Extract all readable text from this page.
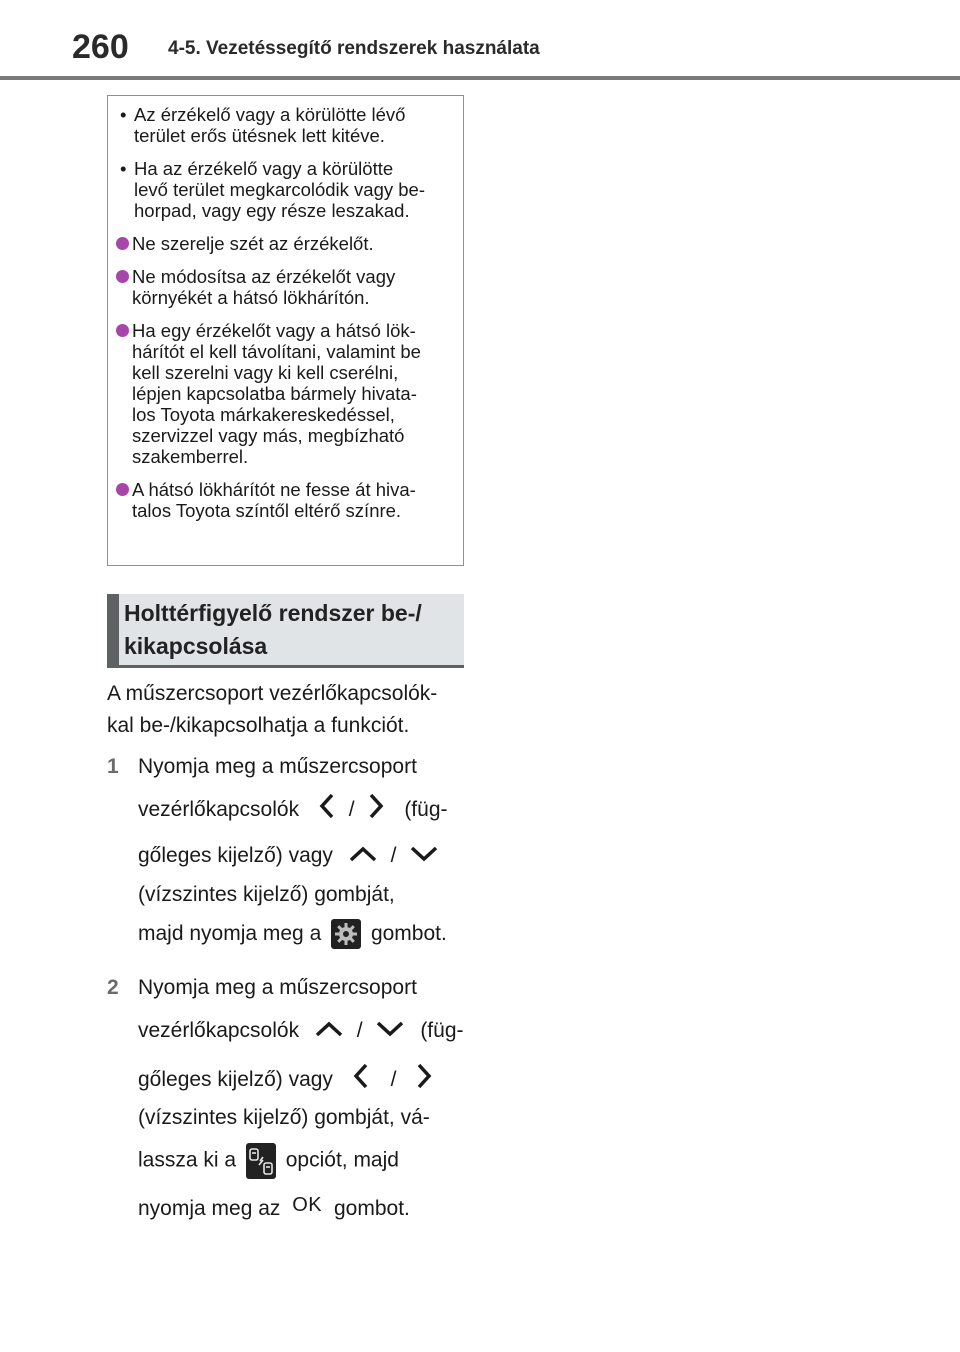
260 4-5. Vezetéssegítő rendszerek használata
• Az érzékelő vagy a körülötte lévő
terület erős ütésnek lett kitéve.
• Ha az érzékelő vagy a körülötte
levő terület megkarcolódik vagy be-
horpad, vagy egy része leszakad.
Ne szerelje szét az érzékelőt.
Ne módosítsa az érzékelőt vagy
környékét a hátsó lökhárítón.
Ha egy érzékelőt vagy a hátsó lök-
hárítót el kell távolítani, valamint be
kell szerelni vagy ki kell cserélni,
lépjen kapcsolatba bármely hivata-
los Toyota márkakereskedéssel,
szervizzel vagy más, megbízható
szakemberrel.
A hátsó lökhárítót ne fesse át hiva-
talos Toyota színtől eltérő színre.
Holttérfigyelő rendszer be-/
kikapcsolása
A műszercsoport vezérlőkapcsolók-
kal be-/kikapcsolhatja a funkciót.
1 Nyomja meg a műszercsoport
vezérlőkapcsolók / (füg-
gőleges kijelző) vagy	/
(vízszintes kijelző) gombját,
majd nyomja meg a gombot.
2 Nyomja meg a műszercsoport
vezérlőkapcsolók	/	(füg-
gőleges kijelző) vagy	/
(vízszintes kijelző) gombját, vá-
lassza ki a opciót, majd
nyomja meg az OK gombot.
